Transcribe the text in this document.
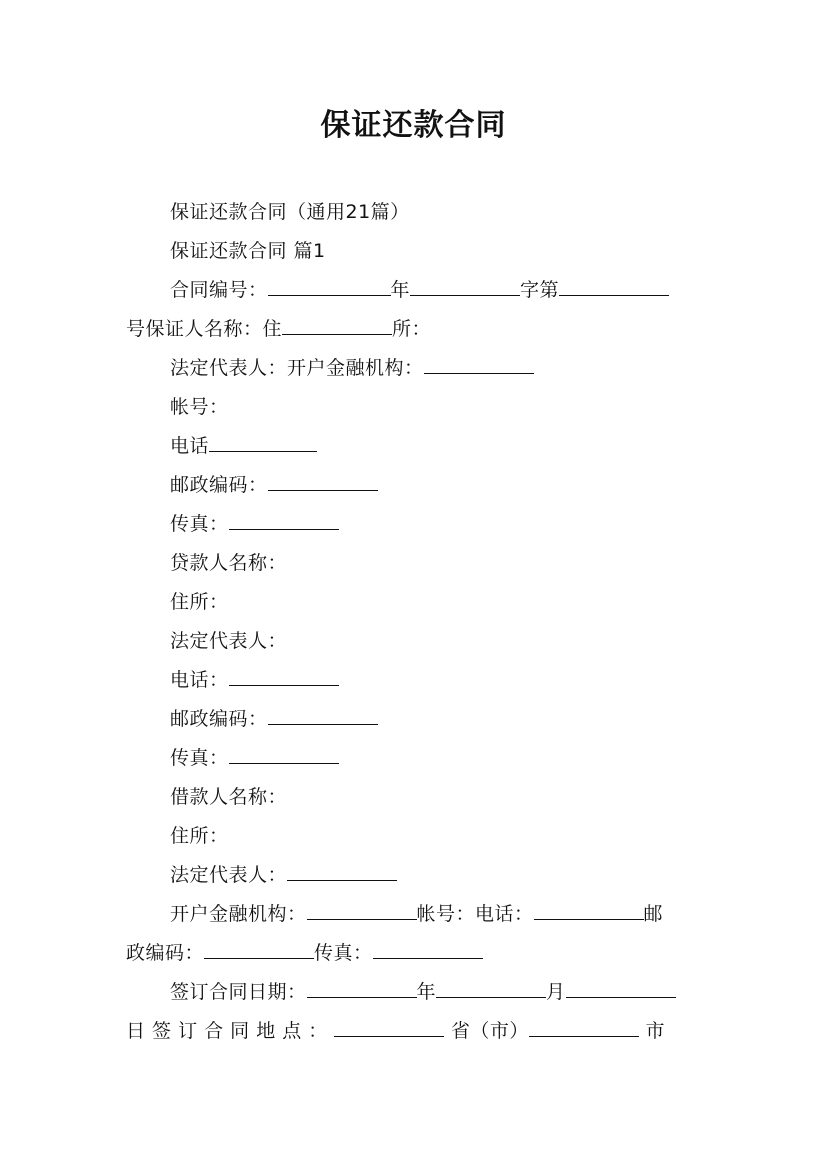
保证还款合同

保证还款合同（通用21篇）

保证还款合同 篇1

合同编号：	年	字第

号保证人名称：住	所：

法定代表人：开户金融机构：

帐号：

电话

邮政编码：

传真：

贷款人名称：

住所：

法定代表人：

电话：

邮政编码：

传真：

借款人名称：

住所：

法定代表人：

开户金融机构：	帐号：电话：	邮

政编码：	传真：

签订合同日期：	年	月

日 签 订 合 同 地 点 ：	省（市）	市
